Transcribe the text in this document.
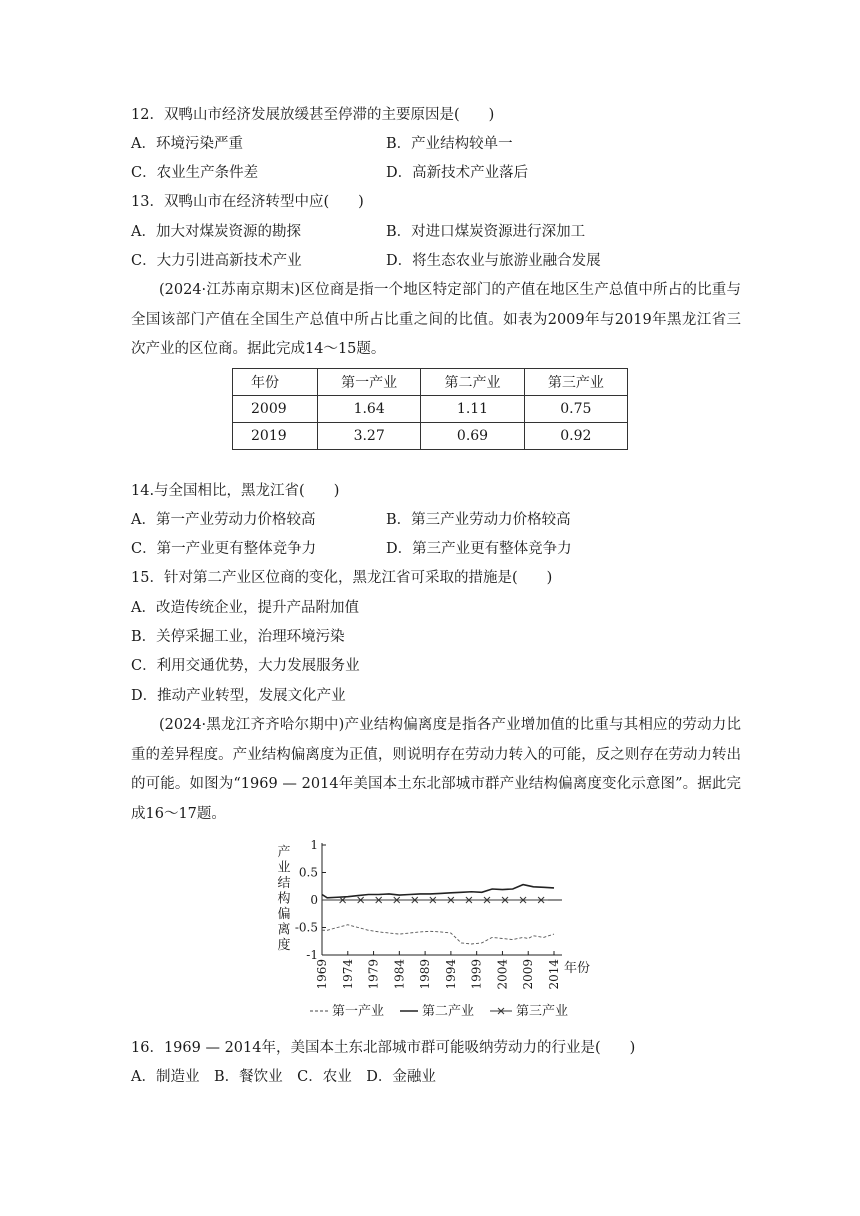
12．双鸭山市经济发展放缓甚至停滞的主要原因是(　　)
A．环境污染严重	B．产业结构较单一
C．农业生产条件差	D．高新技术产业落后
13．双鸭山市在经济转型中应(　　)
A．加大对煤炭资源的勘探	B．对进口煤炭资源进行深加工
C．大力引进高新技术产业	D．将生态农业与旅游业融合发展
(2024·江苏南京期末)区位商是指一个地区特定部门的产值在地区生产总值中所占的比重与全国该部门产值在全国生产总值中所占比重之间的比值。如表为2009年与2019年黑龙江省三次产业的区位商。据此完成14～15题。
年份	第一产业	第二产业	第三产业
2009	1.64	1.11	0.75
2019	3.27	0.69	0.92
14.与全国相比，黑龙江省(　　)
A．第一产业劳动力价格较高	B．第三产业劳动力价格较高
C．第一产业更有整体竞争力	D．第三产业更有整体竞争力
15．针对第二产业区位商的变化，黑龙江省可采取的措施是(　　)
A．改造传统企业，提升产品附加值
B．关停采掘工业，治理环境污染
C．利用交通优势，大力发展服务业
D．推动产业转型，发展文化产业
(2024·黑龙江齐齐哈尔期中)产业结构偏离度是指各产业增加值的比重与其相应的劳动力比重的差异程度。产业结构偏离度为正值，则说明存在劳动力转入的可能，反之则存在劳动力转出的可能。如图为“1969 — 2014年美国本土东北部城市群产业结构偏离度变化示意图”。据此完成16～17题。
产
业
结
构
偏
离
度
1
0.5
0
-0.5
-1
1969 1974 1979 1984 1989 1994 1999 2004 2009 2014 年份
第一产业	第二产业	第三产业
16．1969 — 2014年，美国本土东北部城市群可能吸纳劳动力的行业是(　　)
A．制造业　B．餐饮业　C．农业　D．金融业
